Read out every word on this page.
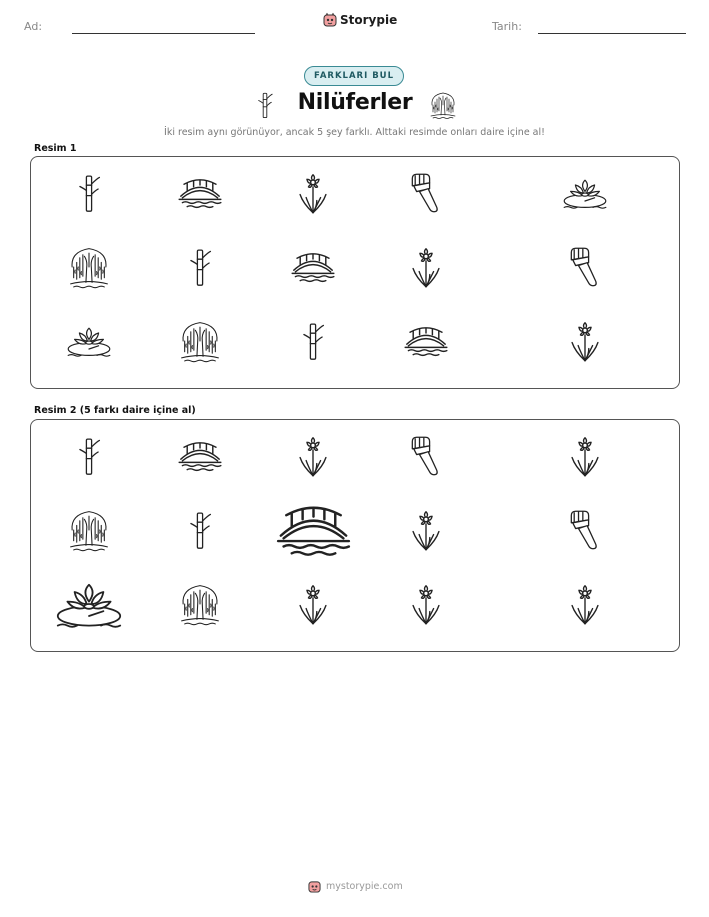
Ad:	Storypie	Tarih:
FARKLARI BUL
Nilüferler
İki resim aynı görünüyor, ancak 5 şey farklı. Alttaki resimde onları daire içine al!
Resim 1
Resim 2 (5 farkı daire içine al)
mystorypie.com
